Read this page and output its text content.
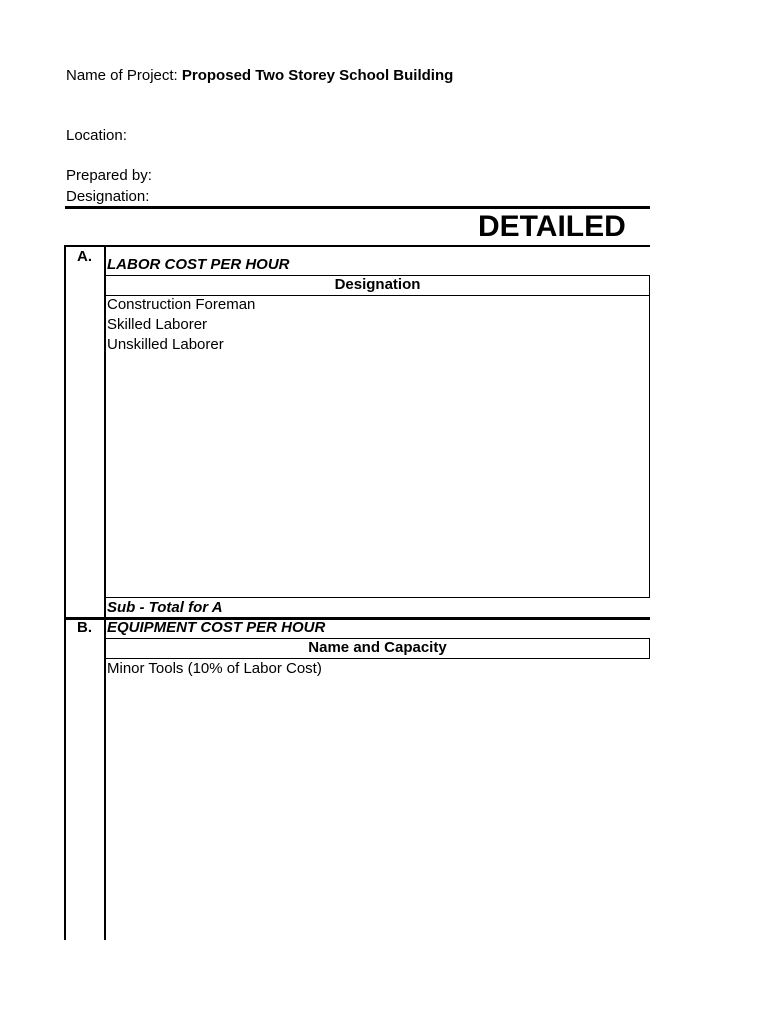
Name of Project: Proposed Two Storey School Building
Location:
Prepared by:
Designation:
DETAILED
A. LABOR COST PER HOUR
Designation
Construction Foreman
Skilled Laborer
Unskilled Laborer
Sub - Total for A
B. EQUIPMENT COST PER HOUR
Name and Capacity
Minor Tools (10% of Labor Cost)
